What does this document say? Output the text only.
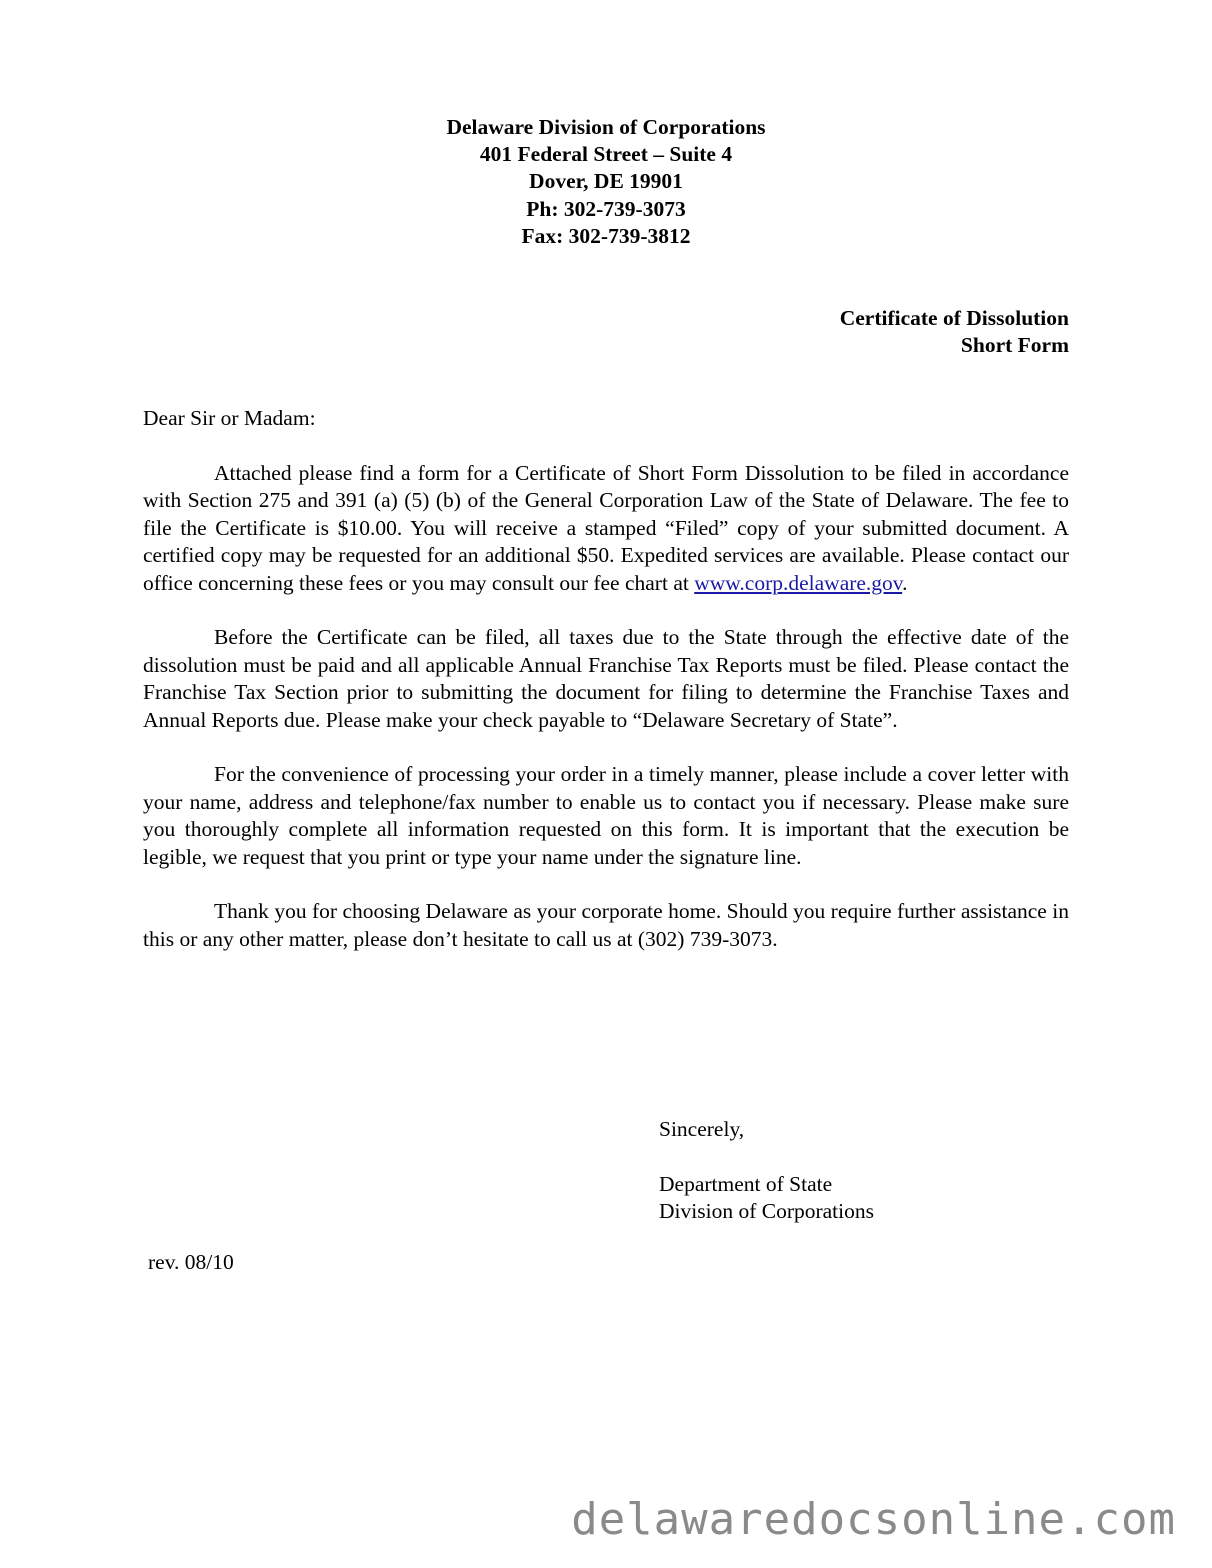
Delaware Division of Corporations
401 Federal Street – Suite 4
Dover, DE 19901
Ph: 302-739-3073
Fax: 302-739-3812
Certificate of Dissolution
Short Form
Dear Sir or Madam:

Attached please find a form for a Certificate of Short Form Dissolution to be filed in accordance with Section 275 and 391 (a) (5) (b) of the General Corporation Law of the State of Delaware. The fee to file the Certificate is $10.00. You will receive a stamped “Filed” copy of your submitted document. A certified copy may be requested for an additional $50. Expedited services are available. Please contact our office concerning these fees or you may consult our fee chart at www.corp.delaware.gov.

Before the Certificate can be filed, all taxes due to the State through the effective date of the dissolution must be paid and all applicable Annual Franchise Tax Reports must be filed. Please contact the Franchise Tax Section prior to submitting the document for filing to determine the Franchise Taxes and Annual Reports due. Please make your check payable to “Delaware Secretary of State”.

For the convenience of processing your order in a timely manner, please include a cover letter with your name, address and telephone/fax number to enable us to contact you if necessary. Please make sure you thoroughly complete all information requested on this form. It is important that the execution be legible, we request that you print or type your name under the signature line.

Thank you for choosing Delaware as your corporate home. Should you require further assistance in this or any other matter, please don’t hesitate to call us at (302) 739-3073.

Sincerely,
Department of State
Division of Corporations
rev. 08/10
delawaredocsonline.com
